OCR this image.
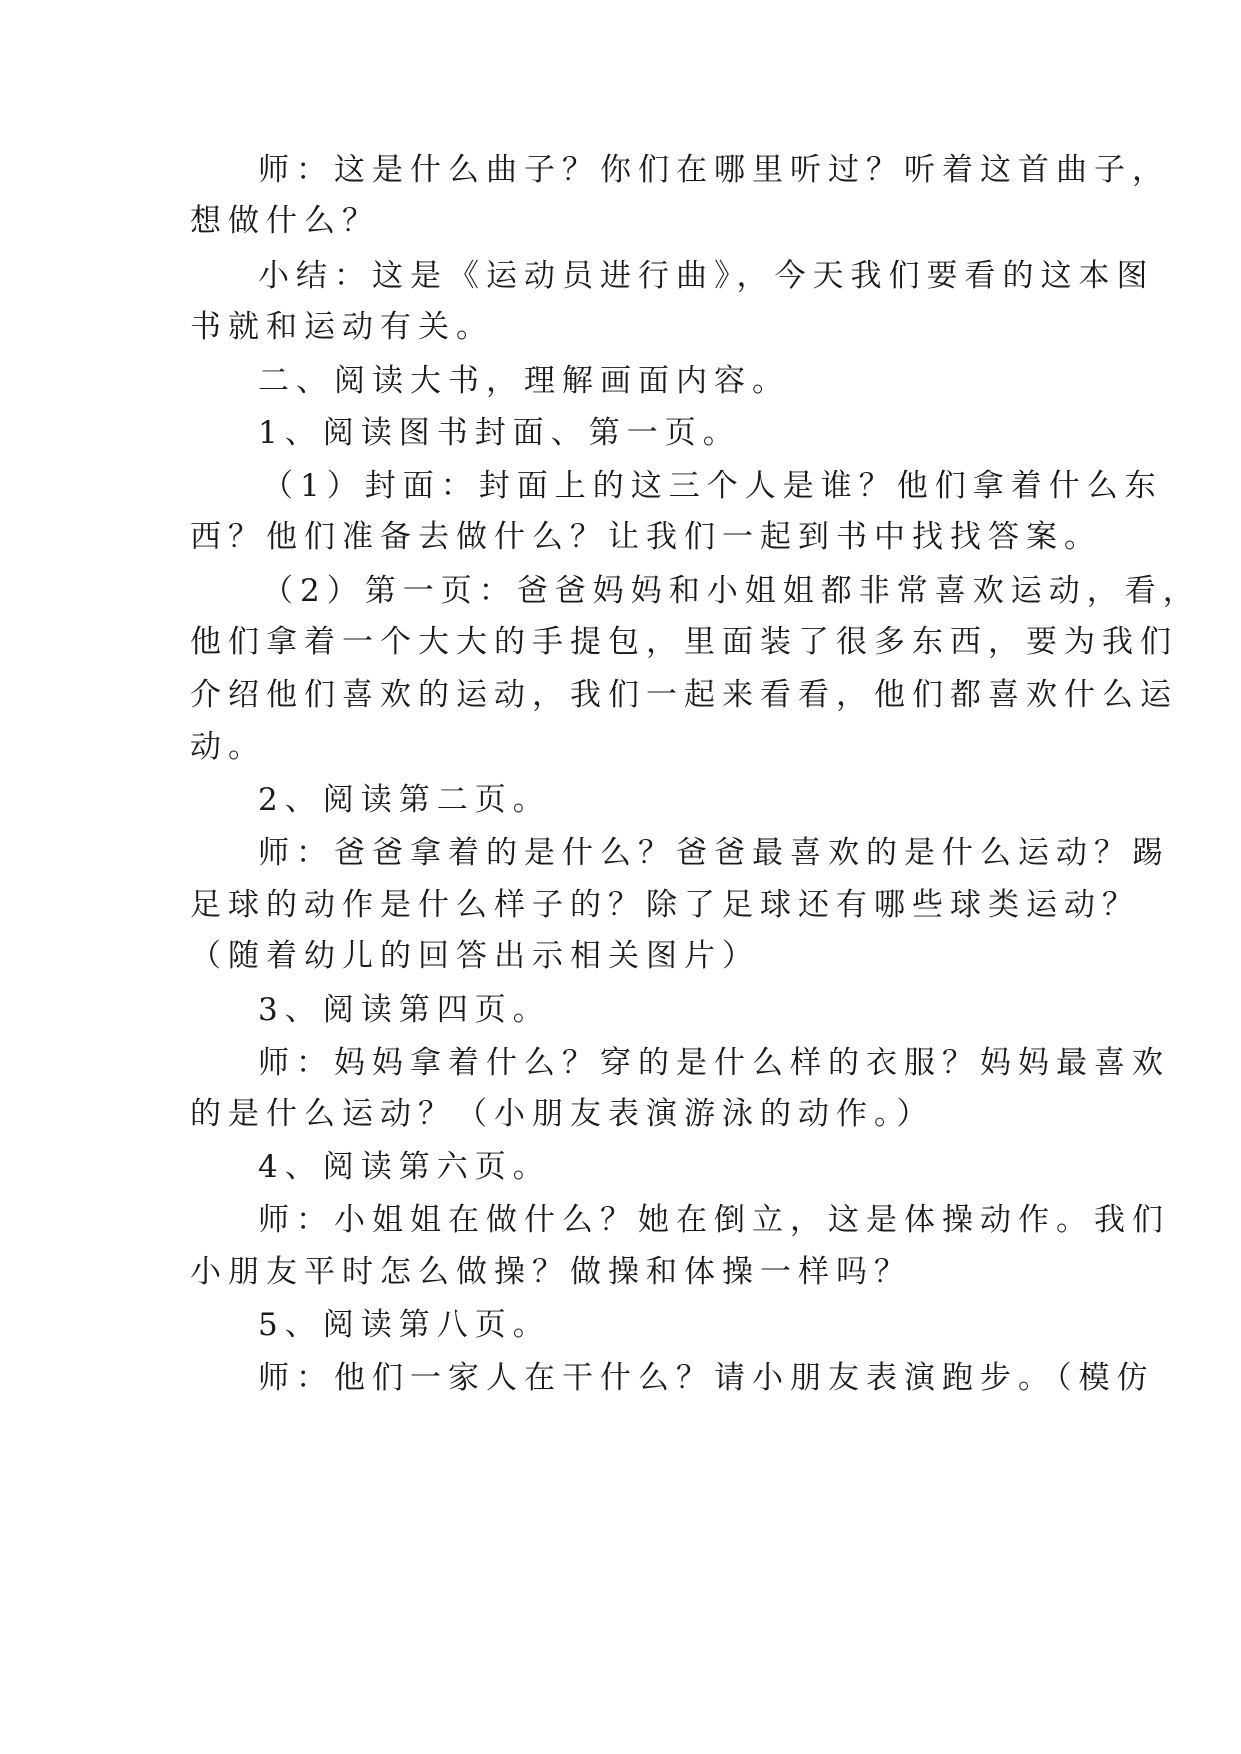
师：这是什么曲子？你们在哪里听过？听着这首曲子，
想做什么？
小结：这是《运动员进行曲》，今天我们要看的这本图
书就和运动有关。
二、阅读大书，理解画面内容。
1、阅读图书封面、第一页。
（1）封面：封面上的这三个人是谁？他们拿着什么东
西？他们准备去做什么？让我们一起到书中找找答案。
（2）第一页：爸爸妈妈和小姐姐都非常喜欢运动，看，
他们拿着一个大大的手提包，里面装了很多东西，要为我们
介绍他们喜欢的运动，我们一起来看看，他们都喜欢什么运
动。
2、阅读第二页。
师：爸爸拿着的是什么？爸爸最喜欢的是什么运动？踢
足球的动作是什么样子的？除了足球还有哪些球类运动？
（随着幼儿的回答出示相关图片）
3、阅读第四页。
师：妈妈拿着什么？穿的是什么样的衣服？妈妈最喜欢
的是什么运动？（小朋友表演游泳的动作。）
4、阅读第六页。
师：小姐姐在做什么？她在倒立，这是体操动作。我们
小朋友平时怎么做操？做操和体操一样吗？
5、阅读第八页。
师：他们一家人在干什么？请小朋友表演跑步。（模仿
